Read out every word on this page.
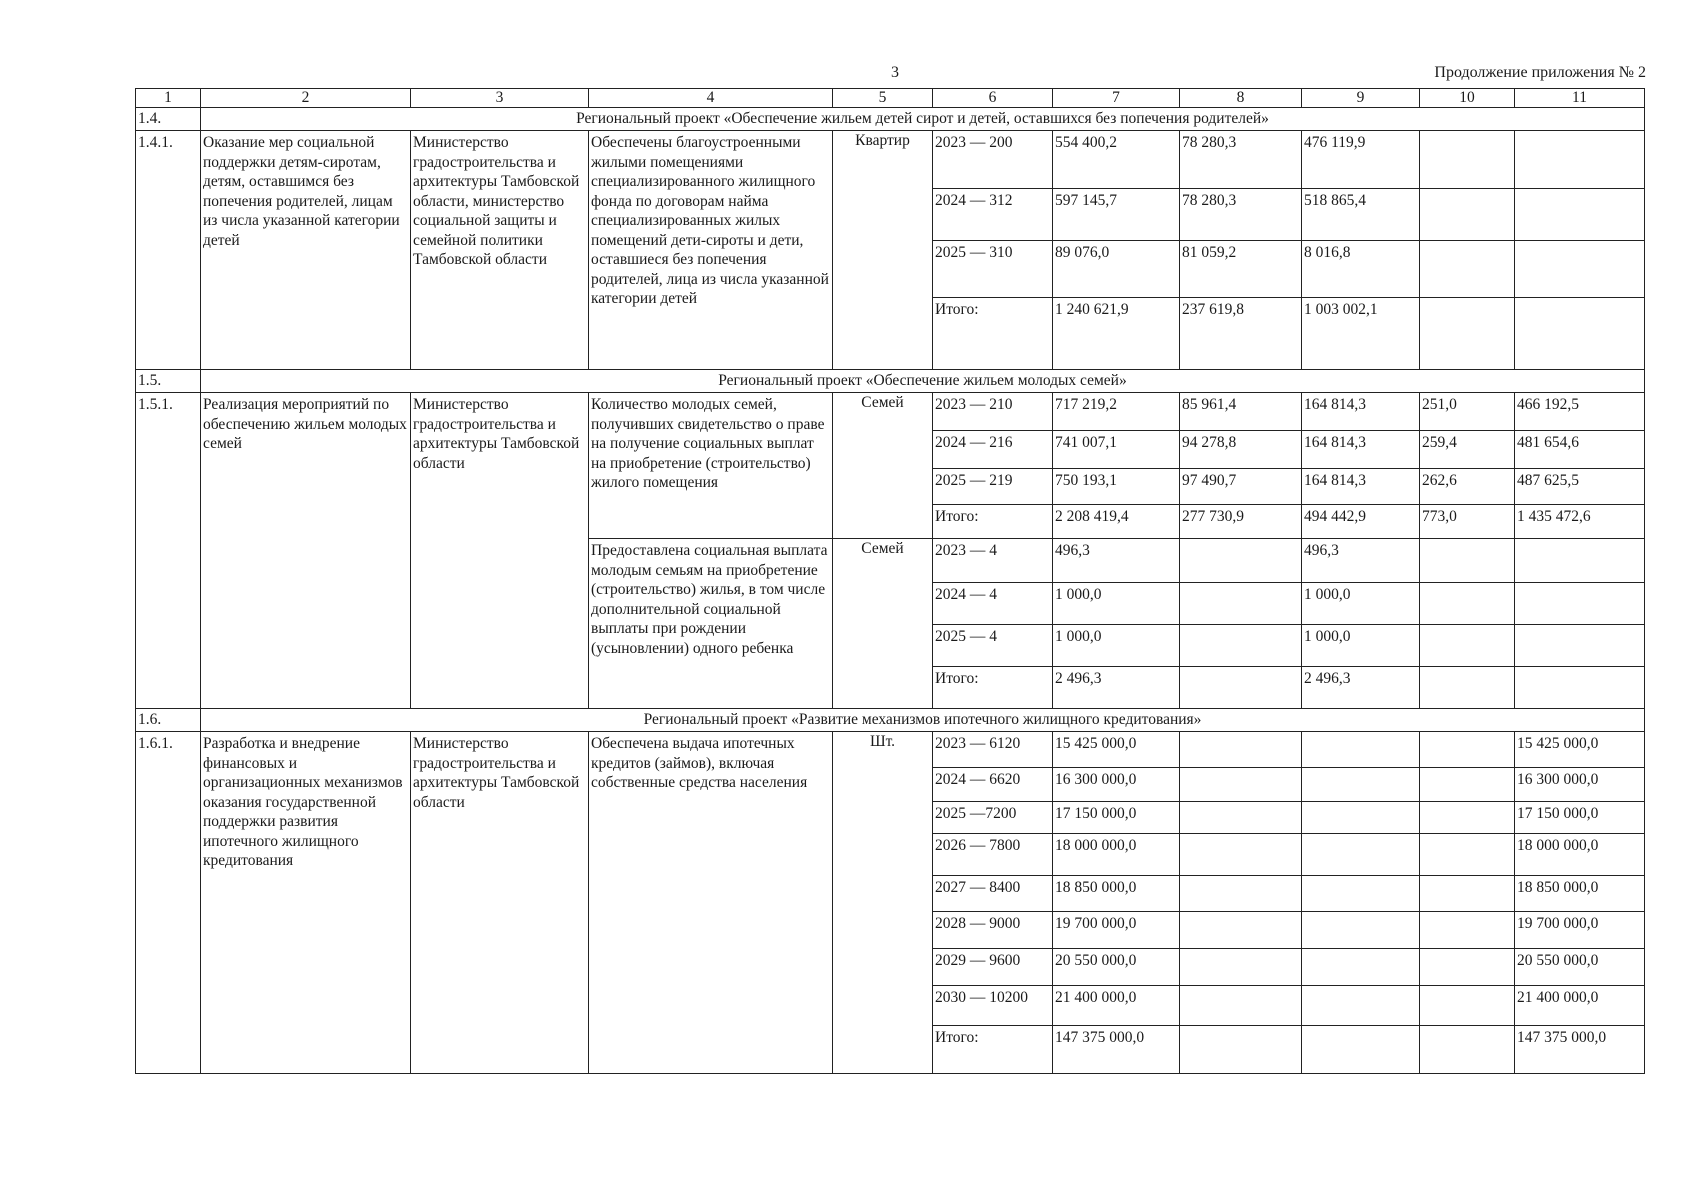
3	Продолжение приложения № 2
1	2	3	4	5	6	7	8	9	10	11
1.4.	Региональный проект «Обеспечение жильем детей сирот и детей, оставшихся без попечения родителей»									
1.4.1.	Оказание мер социальной поддержки детям-сиротам, детям, оставшимся без попечения родителей, лицам из числа указанной категории детей	Министерство градостроительства и архитектуры Тамбовской области, министерство социальной защиты и семейной политики Тамбовской области	Обеспечены благоустроенными жилыми помещениями специализированного жилищного фонда по договорам найма специализированных жилых помещений дети-сироты и дети, оставшиеся без попечения родителей, лица из числа указанной категории детей	Квартир	2023 — 200	554 400,2	78 280,3	476 119,9		
					2024 — 312	597 145,7	78 280,3	518 865,4		
					2025 — 310	89 076,0	81 059,2	8 016,8		
					Итого:	1 240 621,9	237 619,8	1 003 002,1		
1.5.	Региональный проект «Обеспечение жильем молодых семей»									
1.5.1.	Реализация мероприятий по обеспечению жильем молодых семей	Министерство градостроительства и архитектуры Тамбовской области	Количество молодых семей, получивших свидетельство о праве на получение социальных выплат на приобретение (строительство) жилого помещения	Семей	2023 — 210	717 219,2	85 961,4	164 814,3	251,0	466 192,5
					2024 — 216	741 007,1	94 278,8	164 814,3	259,4	481 654,6
					2025 — 219	750 193,1	97 490,7	164 814,3	262,6	487 625,5
					Итого:	2 208 419,4	277 730,9	494 442,9	773,0	1 435 472,6
			Предоставлена социальная выплата молодым семьям на приобретение (строительство) жилья, в том числе дополнительной социальной выплаты при рождении (усыновлении) одного ребенка	Семей	2023 — 4	496,3		496,3		
					2024 — 4	1 000,0		1 000,0		
					2025 — 4	1 000,0		1 000,0		
					Итого:	2 496,3		2 496,3		
1.6.	Региональный проект «Развитие механизмов ипотечного жилищного кредитования»									
1.6.1.	Разработка и внедрение финансовых и организационных механизмов оказания государственной поддержки развития ипотечного жилищного кредитования	Министерство градостроительства и архитектуры Тамбовской области	Обеспечена выдача ипотечных кредитов (займов), включая собственные средства населения	Шт.	2023 — 6120	15 425 000,0				15 425 000,0
					2024 — 6620	16 300 000,0				16 300 000,0
					2025 —7200	17 150 000,0				17 150 000,0
					2026 — 7800	18 000 000,0				18 000 000,0
					2027 — 8400	18 850 000,0				18 850 000,0
					2028 — 9000	19 700 000,0				19 700 000,0
					2029 — 9600	20 550 000,0				20 550 000,0
					2030 — 10200	21 400 000,0				21 400 000,0
					Итого:	147 375 000,0				147 375 000,0
